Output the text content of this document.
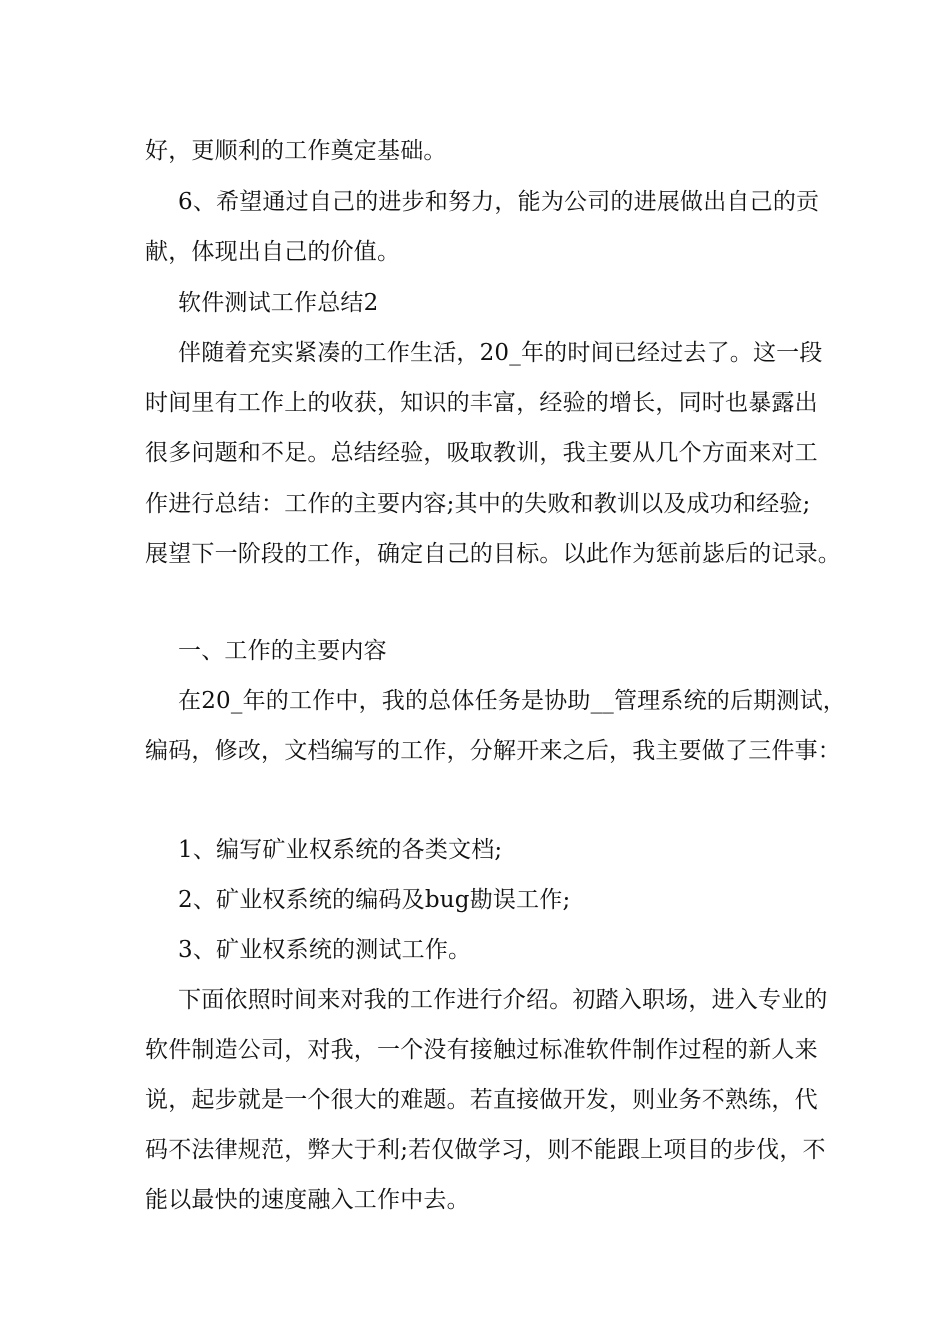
好，更顺利的工作奠定基础。
6、希望通过自己的进步和努力，能为公司的进展做出自己的贡
献，体现出自己的价值。
软件测试工作总结2
伴随着充实紧凑的工作生活，20_年的时间已经过去了。这一段
时间里有工作上的收获，知识的丰富，经验的增长，同时也暴露出
很多问题和不足。总结经验，吸取教训，我主要从几个方面来对工
作进行总结：工作的主要内容;其中的失败和教训以及成功和经验;
展望下一阶段的工作，确定自己的目标。以此作为惩前毖后的记录。
一、工作的主要内容
在20_年的工作中，我的总体任务是协助__管理系统的后期测试，
编码，修改，文档编写的工作，分解开来之后，我主要做了三件事：
1、编写矿业权系统的各类文档;
2、矿业权系统的编码及bug勘误工作;
3、矿业权系统的测试工作。
下面依照时间来对我的工作进行介绍。初踏入职场，进入专业的
软件制造公司，对我，一个没有接触过标准软件制作过程的新人来
说，起步就是一个很大的难题。若直接做开发，则业务不熟练，代
码不法律规范，弊大于利;若仅做学习，则不能跟上项目的步伐，不
能以最快的速度融入工作中去。
